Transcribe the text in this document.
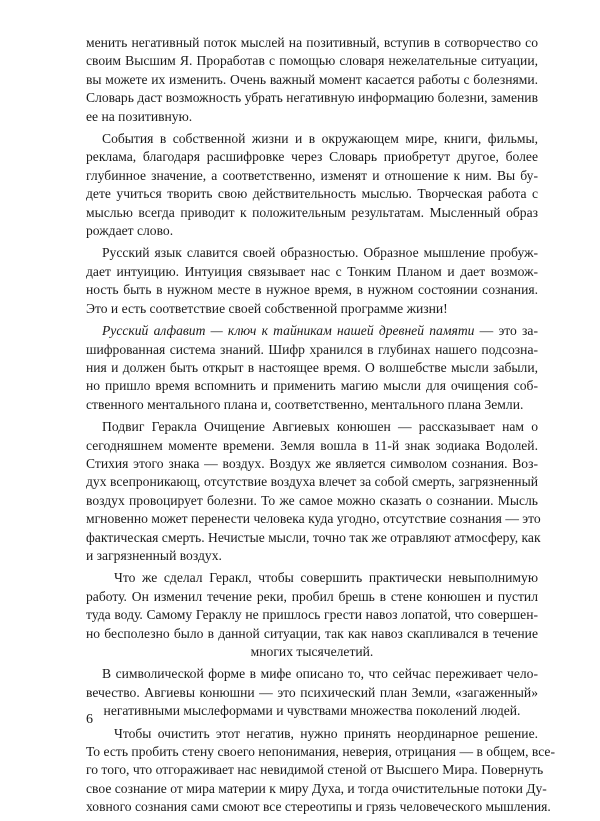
менить негативный поток мыслей на позитивный, вступив в сотворчество со
своим Высшим Я. Проработав с помощью словаря нежелательные ситуации,
вы можете их изменить. Очень важный момент касается работы с болезнями.
Словарь даст возможность убрать негативную информацию болезни, заменив
ее на позитивную.
События в собственной жизни и в окружающем мире, книги, фильмы,
реклама, благодаря расшифровке через Словарь приобретут другое, более
глубинное значение, а соответственно, изменят и отношение к ним. Вы бу-
дете учиться творить свою действительность мыслью. Творческая работа с
мыслью всегда приводит к положительным результатам. Мысленный образ
рождает слово.
Русский язык славится своей образностью. Образное мышление пробуж-
дает интуицию. Интуиция связывает нас с Тонким Планом и дает возмож-
ность быть в нужном месте в нужное время, в нужном состоянии сознания.
Это и есть соответствие своей собственной программе жизни!
Русский алфавит — ключ к тайникам нашей древней памяти — это за-
шифрованная система знаний. Шифр хранился в глубинах нашего подсозна-
ния и должен быть открыт в настоящее время. О волшебстве мысли забыли,
но пришло время вспомнить и применить магию мысли для очищения соб-
ственного ментального плана и, соответственно, ментального плана Земли.
Подвиг Геракла Очищение Авгиевых конюшен — рассказывает нам о
сегодняшнем моменте времени. Земля вошла в 11-й знак зодиака Водолей.
Стихия этого знака — воздух. Воздух же является символом сознания. Воз-
дух всепроникающ, отсутствие воздуха влечет за собой смерть, загрязненный
воздух провоцирует болезни. То же самое можно сказать о сознании. Мысль
мгновенно может перенести человека куда угодно, отсутствие сознания — это
фактическая смерть. Нечистые мысли, точно так же отравляют атмосферу, как
и загрязненный воздух.
Что же сделал Геракл, чтобы совершить практически невыполнимую
работу. Он изменил течение реки, пробил брешь в стене конюшен и пустил
туда воду. Самому Гераклу не пришлось грести навоз лопатой, что совершен-
но бесполезно было в данной ситуации, так как навоз скапливался в течение
многих тысячелетий.
В символической форме в мифе описано то, что сейчас переживает чело-
вечество. Авгиевы конюшни — это психический план Земли, «загаженный»
негативными мыслеформами и чувствами множества поколений людей.
Чтобы очистить этот негатив, нужно принять неординарное решение.
То есть пробить стену своего непонимания, неверия, отрицания — в общем, все-
го того, что отгораживает нас невидимой стеной от Высшего Мира. Повернуть
свое сознание от мира материи к миру Духа, и тогда очистительные потоки Ду-
ховного сознания сами смоют все стереотипы и грязь человеческого мышления.
6
